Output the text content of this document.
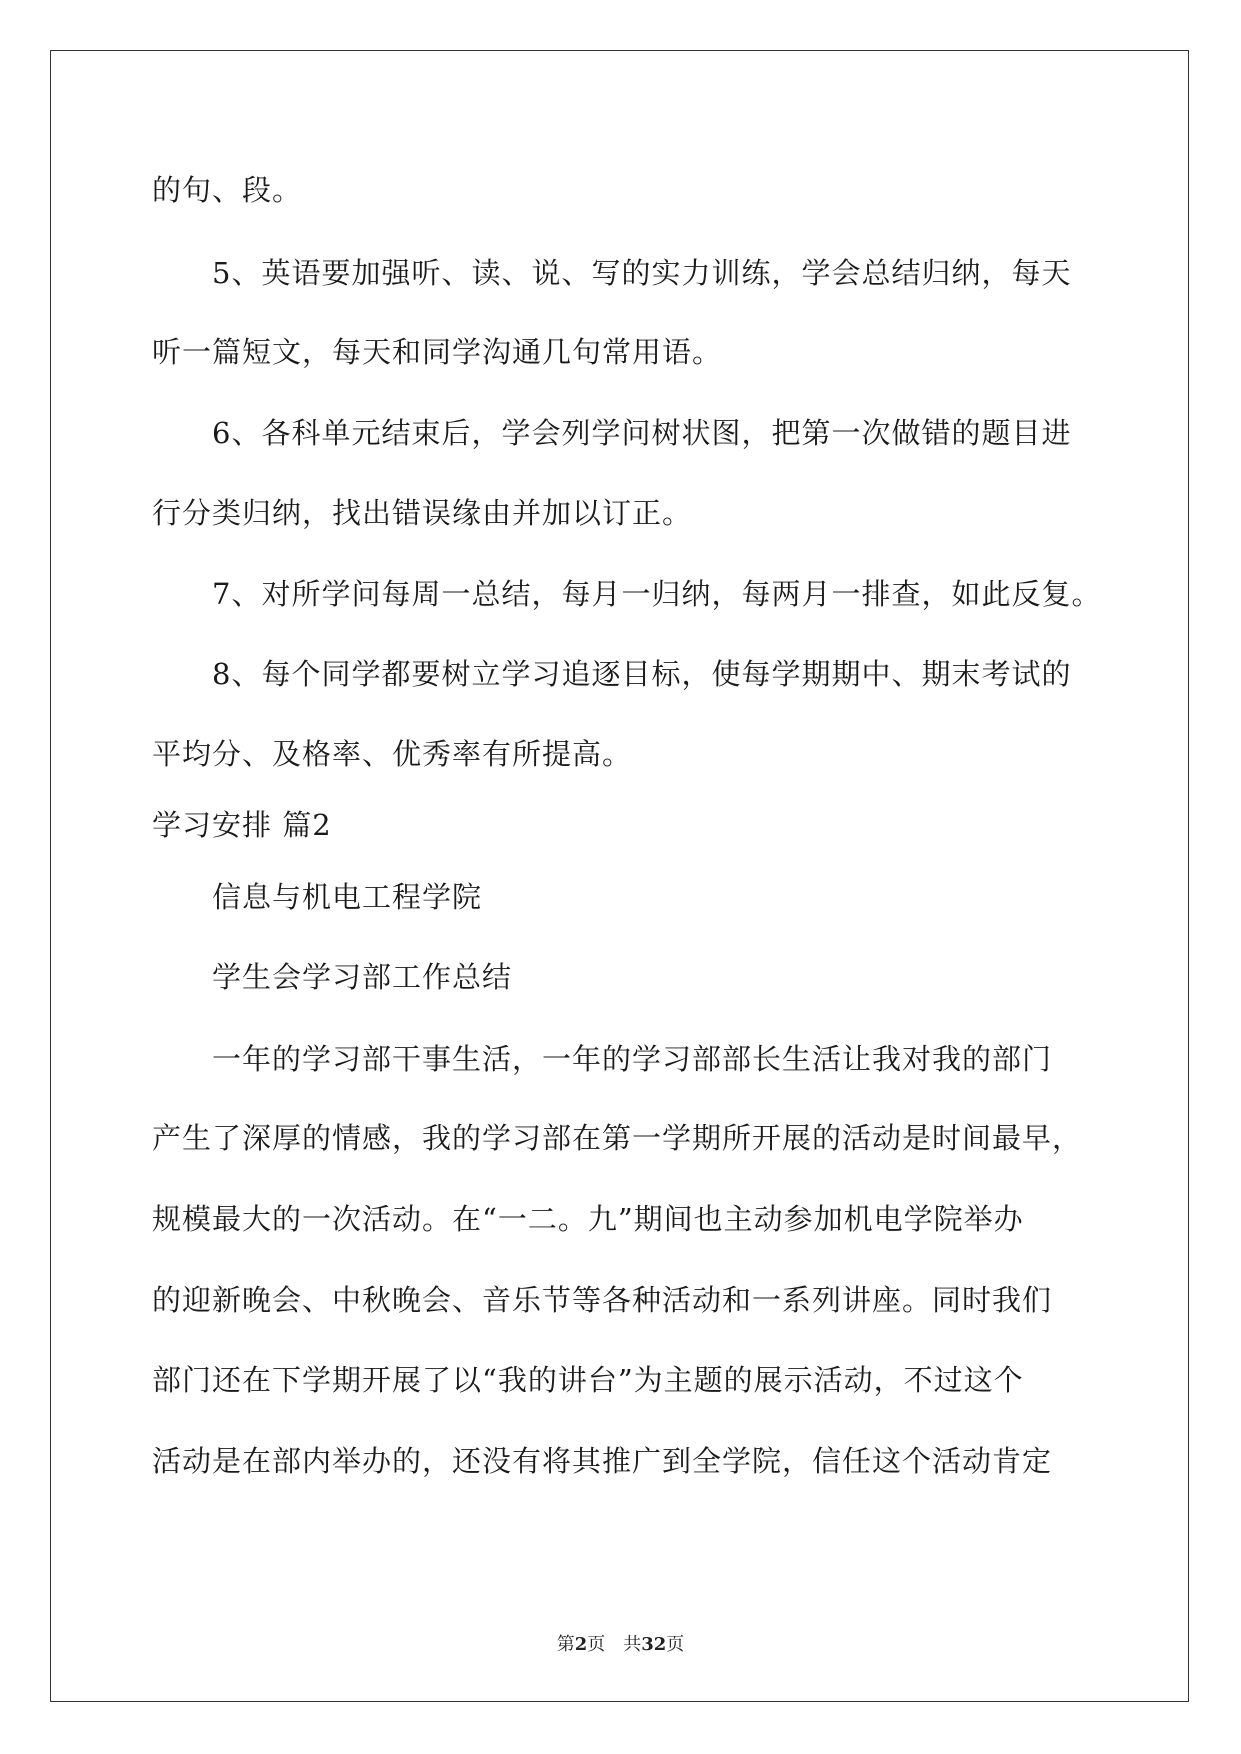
的句、段。
5、英语要加强听、读、说、写的实力训练，学会总结归纳，每天
听一篇短文，每天和同学沟通几句常用语。
6、各科单元结束后，学会列学问树状图，把第一次做错的题目进
行分类归纳，找出错误缘由并加以订正。
7、对所学问每周一总结，每月一归纳，每两月一排查，如此反复。
8、每个同学都要树立学习追逐目标，使每学期期中、期末考试的
平均分、及格率、优秀率有所提高。
学习安排 篇2
信息与机电工程学院
学生会学习部工作总结
一年的学习部干事生活，一年的学习部部长生活让我对我的部门
产生了深厚的情感，我的学习部在第一学期所开展的活动是时间最早，
规模最大的一次活动。在“一二。九”期间也主动参加机电学院举办
的迎新晚会、中秋晚会、音乐节等各种活动和一系列讲座。同时我们
部门还在下学期开展了以“我的讲台”为主题的展示活动，不过这个
活动是在部内举办的，还没有将其推广到全学院，信任这个活动肯定
第2页 共32页
